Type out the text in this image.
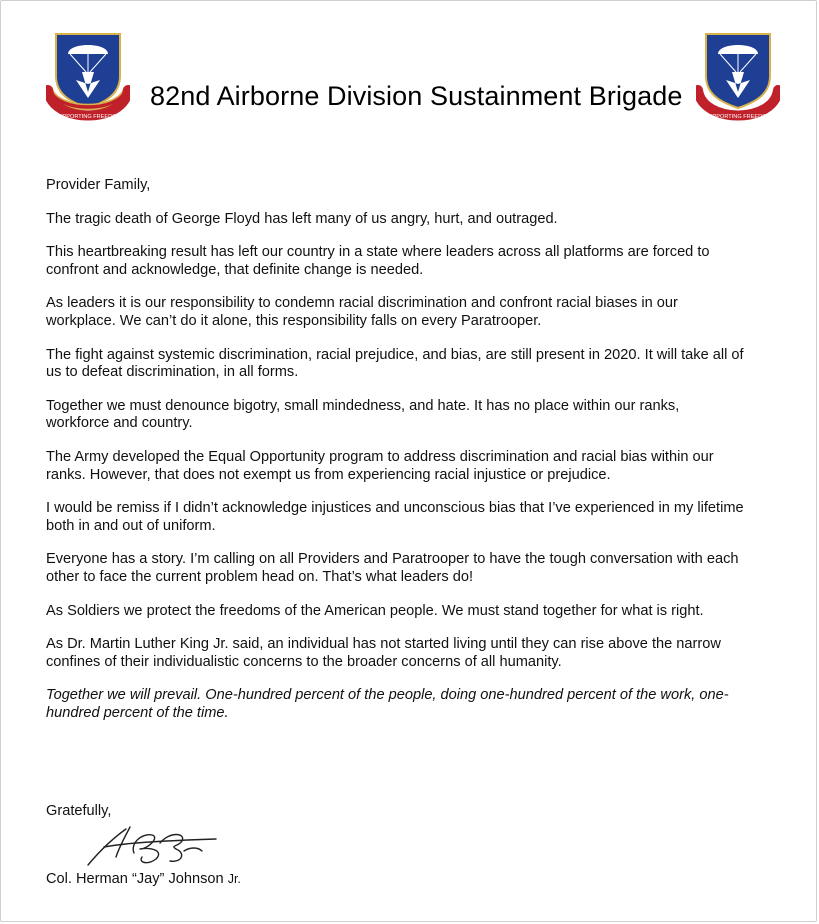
SUPPORTING FREEDOM
82nd Airborne Division Sustainment Brigade
SUPPORTING FREEDOM

Provider Family,

The tragic death of George Floyd has left many of us angry, hurt, and outraged.

This heartbreaking result has left our country in a state where leaders across all platforms are forced to confront and acknowledge, that definite change is needed.

As leaders it is our responsibility to condemn racial discrimination and confront racial biases in our workplace. We can’t do it alone, this responsibility falls on every Paratrooper.

The fight against systemic discrimination, racial prejudice, and bias, are still present in 2020. It will take all of us to defeat discrimination, in all forms.

Together we must denounce bigotry, small mindedness, and hate. It has no place within our ranks, workforce and country.

The Army developed the Equal Opportunity program to address discrimination and racial bias within our ranks. However, that does not exempt us from experiencing racial injustice or prejudice.

I would be remiss if I didn’t acknowledge injustices and unconscious bias that I’ve experienced in my lifetime both in and out of uniform.

Everyone has a story. I’m calling on all Providers and Paratrooper to have the tough conversation with each other to face the current problem head on. That’s what leaders do!

As Soldiers we protect the freedoms of the American people. We must stand together for what is right.

As Dr. Martin Luther King Jr. said, an individual has not started living until they can rise above the narrow confines of their individualistic concerns to the broader concerns of all humanity.

Together we will prevail. One-hundred percent of the people, doing one-hundred percent of the work, one-hundred percent of the time.

Gratefully,
Col. Herman “Jay” Johnson Jr.
